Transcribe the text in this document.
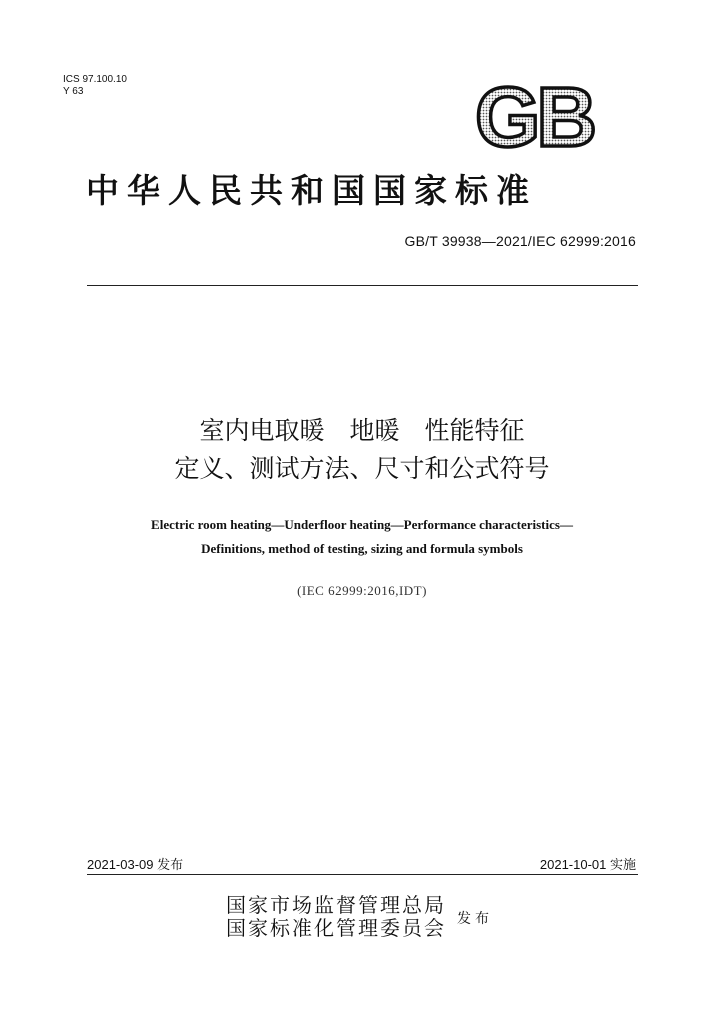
ICS 97.100.10
Y 63	GB
中华人民共和国国家标准
GB/T 39938—2021/IEC 62999:2016
室内电取暖　地暖　性能特征
定义、测试方法、尺寸和公式符号
Electric room heating—Underfloor heating—Performance characteristics—
Definitions, method of testing, sizing and formula symbols
(IEC 62999:2016,IDT)
2021-03-09 发布	2021-10-01 实施
国家市场监督管理总局
国家标准化管理委员会 发布
